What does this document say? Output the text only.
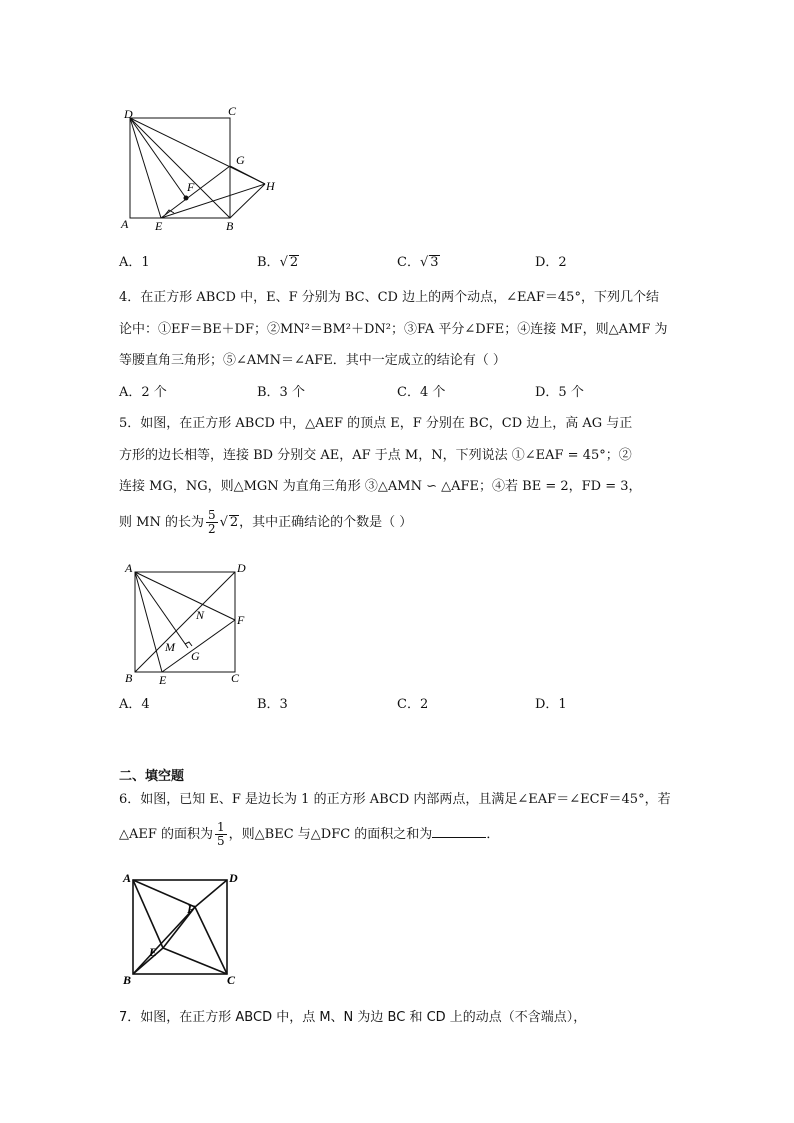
D	C
G
F	H
A E	B
A．1	B．√ 2	C．√ 3	D．2
4．在正方形 ABCD 中，E、F 分别为 BC、CD 边上的两个动点，∠EAF＝45°，下列几个结
论中：①EF＝BE＋DF；②MN²＝BM²＋DN²；③FA 平分∠DFE；④连接 MF，则△AMF 为
等腰直角三角形；⑤∠AMN＝∠AFE．其中一定成立的结论有（ ）
A．2 个	B．3 个	C．4 个	D．5 个
5．如图，在正方形 ABCD 中，△AEF 的顶点 E，F 分别在 BC，CD 边上，高 AG 与正
方形的边长相等，连接 BD 分别交 AE，AF 于点 M，N，下列说法 ①∠EAF = 45°；②
连接 MG，NG，则△MGN 为直角三角形 ③△AMN ∽ △AFE；④若 BE = 2，FD = 3，
则 MN 的长为 $\frac{5}{2}$ √ 2，其中正确结论的个数是（ ）
A	D
N	F
M
G
B E	C
A．4	B．3	C．2	D．1
二、填空题
6．如图，已知 E、F 是边长为 1 的正方形 ABCD 内部两点，且满足∠EAF＝∠ECF＝45°，若
△AEF 的面积为 $\frac{1}{5}$ ，则△BEC 与△DFC 的面积之和为	．
A	D
F
E
B	C
7．如图，在正方形 ABCD 中，点 M、N 为边 BC 和 CD 上的动点（不含端点），
